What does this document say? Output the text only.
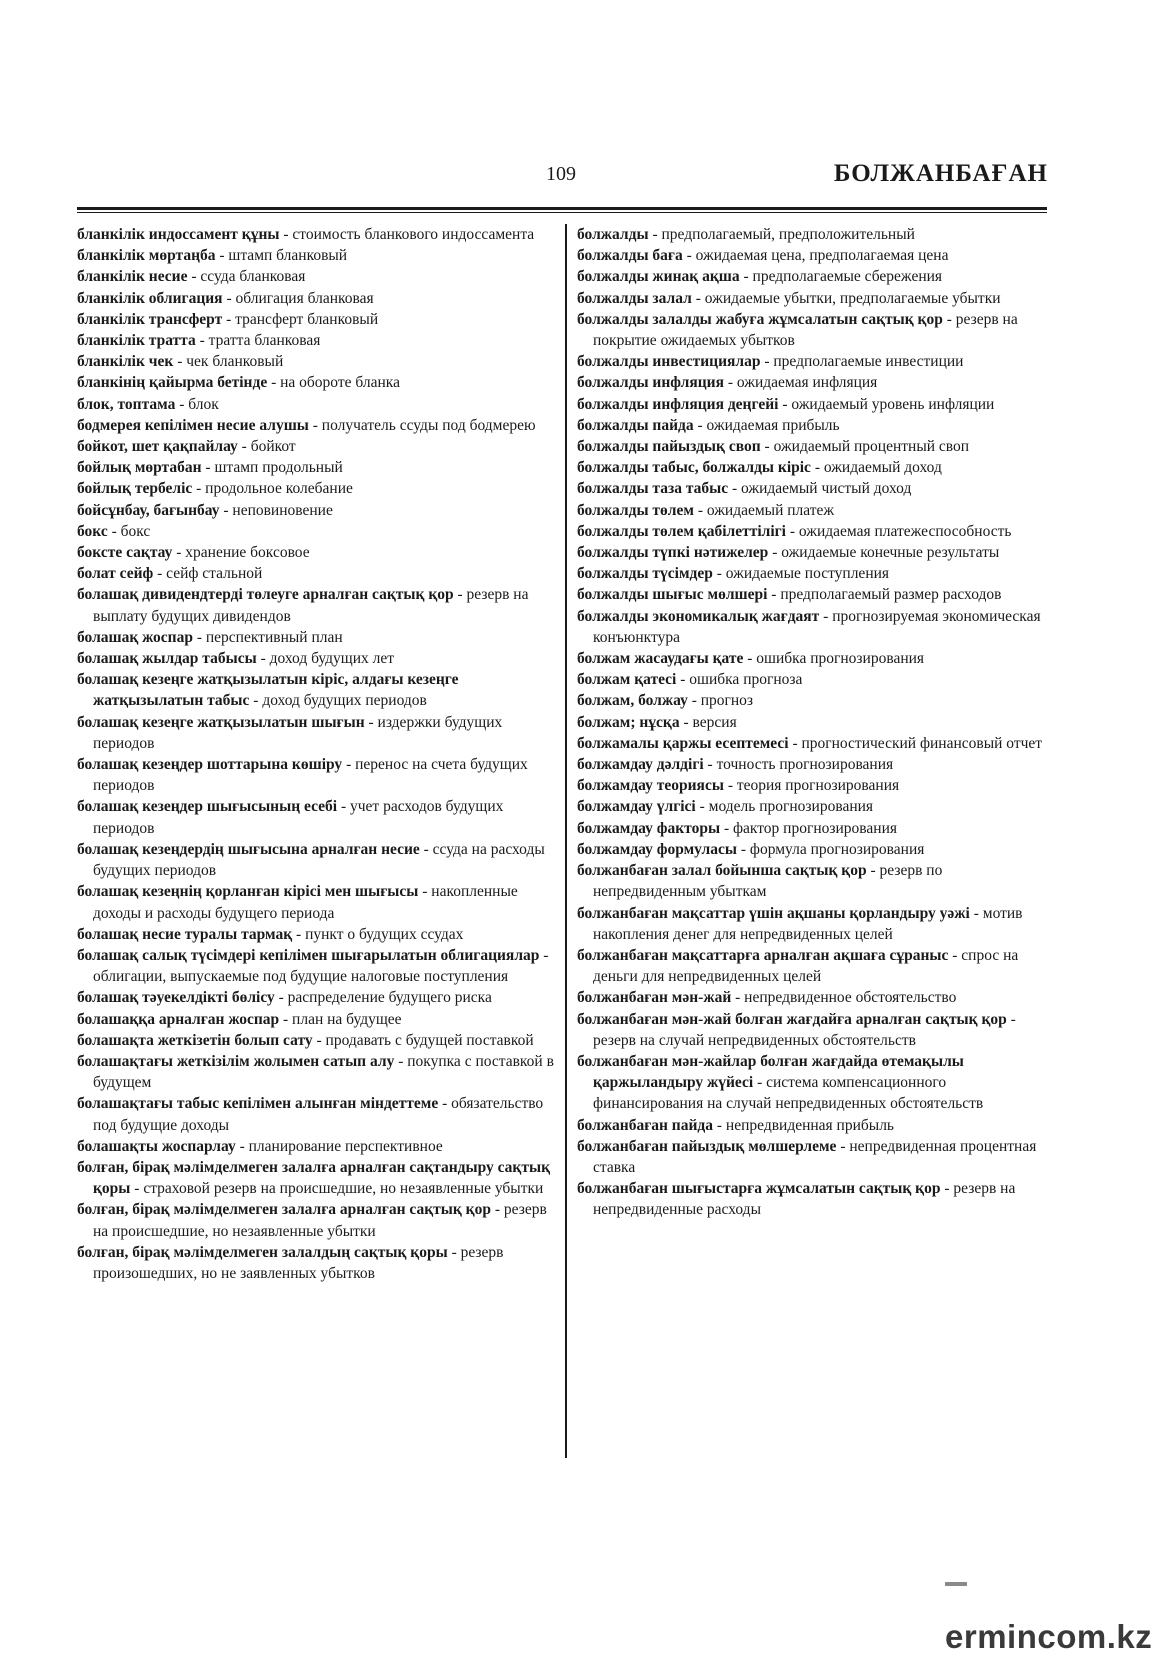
109	БОЛЖАНБАҒАН

бланкілік индоссамент құны - стоимость бланкового индоссамента

бланкілік мөртаңба - штамп бланковый

бланкілік несие - ссуда бланковая

бланкілік облигация - облигация бланковая

бланкілік трансферт - трансферт бланковый

бланкілік тратта - тратта бланковая

бланкілік чек - чек бланковый

бланкінің қайырма бетінде - на обороте бланка

блок, топтама - блок

бодмерея кепілімен несие алушы - получатель ссуды под бодмерею

бойкот, шет қақпайлау - бойкот

бойлық мөртабан - штамп продольный

бойлық тербеліс - продольное колебание

бойсұнбау, бағынбау - неповиновение

бокс - бокс

боксте сақтау - хранение боксовое

болат сейф - сейф стальной

болашақ дивидендтерді төлеуге арналған сақтық қор - резерв на выплату будущих дивидендов

болашақ жоспар - перспективный план

болашақ жылдар табысы - доход будущих лет

болашақ кезеңге жатқызылатын кіріс, алдағы кезеңге жатқызылатын табыс - доход будущих периодов

болашақ кезеңге жатқызылатын шығын - издержки будущих периодов

болашақ кезеңдер шоттарына көшіру - перенос на счета будущих периодов

болашақ кезеңдер шығысының есебі - учет расходов будущих периодов

болашақ кезеңдердің шығысына арналған несие - ссуда на расходы будущих периодов

болашақ кезеңнің қорланған кірісі мен шығысы - накопленные доходы и расходы будущего периода

болашақ несие туралы тармақ - пункт о будущих ссудах

болашақ салық түсімдері кепілімен шығарылатын облигациялар - облигации, выпускаемые под будущие налоговые поступления

болашақ тәуекелдікті бөлісу - распределение будущего риска

болашаққа арналған жоспар - план на будущее

болашақта жеткізетін болып сату - продавать с будущей поставкой

болашақтағы жеткізілім жолымен сатып алу - покупка с поставкой в будущем

болашақтағы табыс кепілімен алынған міндеттеме - обязательство под будущие доходы

болашақты жоспарлау - планирование перспективное

болған, бірақ мәлімделмеген залалға арналған сақтандыру сақтық қоры - страховой резерв на происшедшие, но незаявленные убытки

болған, бірақ мәлімделмеген залалға арналған сақтық қор - резерв на происшедшие, но незаявленные убытки

болған, бірақ мәлімделмеген залалдың сақтық қоры - резерв произошедших, но не заявленных убытков

болжалды - предполагаемый, предположительный

болжалды баға - ожидаемая цена, предполагаемая цена

болжалды жинақ ақша - предполагаемые сбережения

болжалды залал - ожидаемые убытки, предполагаемые убытки

болжалды залалды жабуға жұмсалатын сақтық қор - резерв на покрытие ожидаемых убытков

болжалды инвестициялар - предполагаемые инвестиции

болжалды инфляция - ожидаемая инфляция

болжалды инфляция деңгейі - ожидаемый уровень инфляции

болжалды пайда - ожидаемая прибыль

болжалды пайыздық своп - ожидаемый процентный своп

болжалды табыс, болжалды кіріс - ожидаемый доход

болжалды таза табыс - ожидаемый чистый доход

болжалды төлем - ожидаемый платеж

болжалды төлем қабілеттілігі - ожидаемая платежеспособность

болжалды түпкі нәтижелер - ожидаемые конечные результаты

болжалды түсімдер - ожидаемые поступления

болжалды шығыс мөлшері - предполагаемый размер расходов

болжалды экономикалық жағдаят - прогнозируемая экономическая конъюнктура

болжам жасаудағы қате - ошибка прогнозирования

болжам қатесі - ошибка прогноза

болжам, болжау - прогноз

болжам; нұсқа - версия

болжамалы қаржы есептемесі - прогностический финансовый отчет

болжамдау дәлдігі - точность прогнозирования

болжамдау теориясы - теория прогнозирования

болжамдау үлгісі - модель прогнозирования

болжамдау факторы - фактор прогнозирования

болжамдау формуласы - формула прогнозирования

болжанбаған залал бойынша сақтық қор - резерв по непредвиденным убыткам

болжанбаған мақсаттар үшін ақшаны қорландыру уәжі - мотив накопления денег для непредвиденных целей

болжанбаған мақсаттарға арналған ақшаға сұраныс - спрос на деньги для непредвиденных целей

болжанбаған мән-жай - непредвиденное обстоятельство

болжанбаған мән-жай болған жағдайға арналған сақтық қор - резерв на случай непредвиденных обстоятельств

болжанбаған мән-жайлар болған жағдайда өтемақылы қаржыландыру жүйесі - система компенсационного финансирования на случай непредвиденных обстоятельств

болжанбаған пайда - непредвиденная прибыль

болжанбаған пайыздық мөлшерлеме - непредвиденная процентная ставка

болжанбаған шығыстарға жұмсалатын сақтық қор - резерв на непредвиденные расходы

ermincom.kz
